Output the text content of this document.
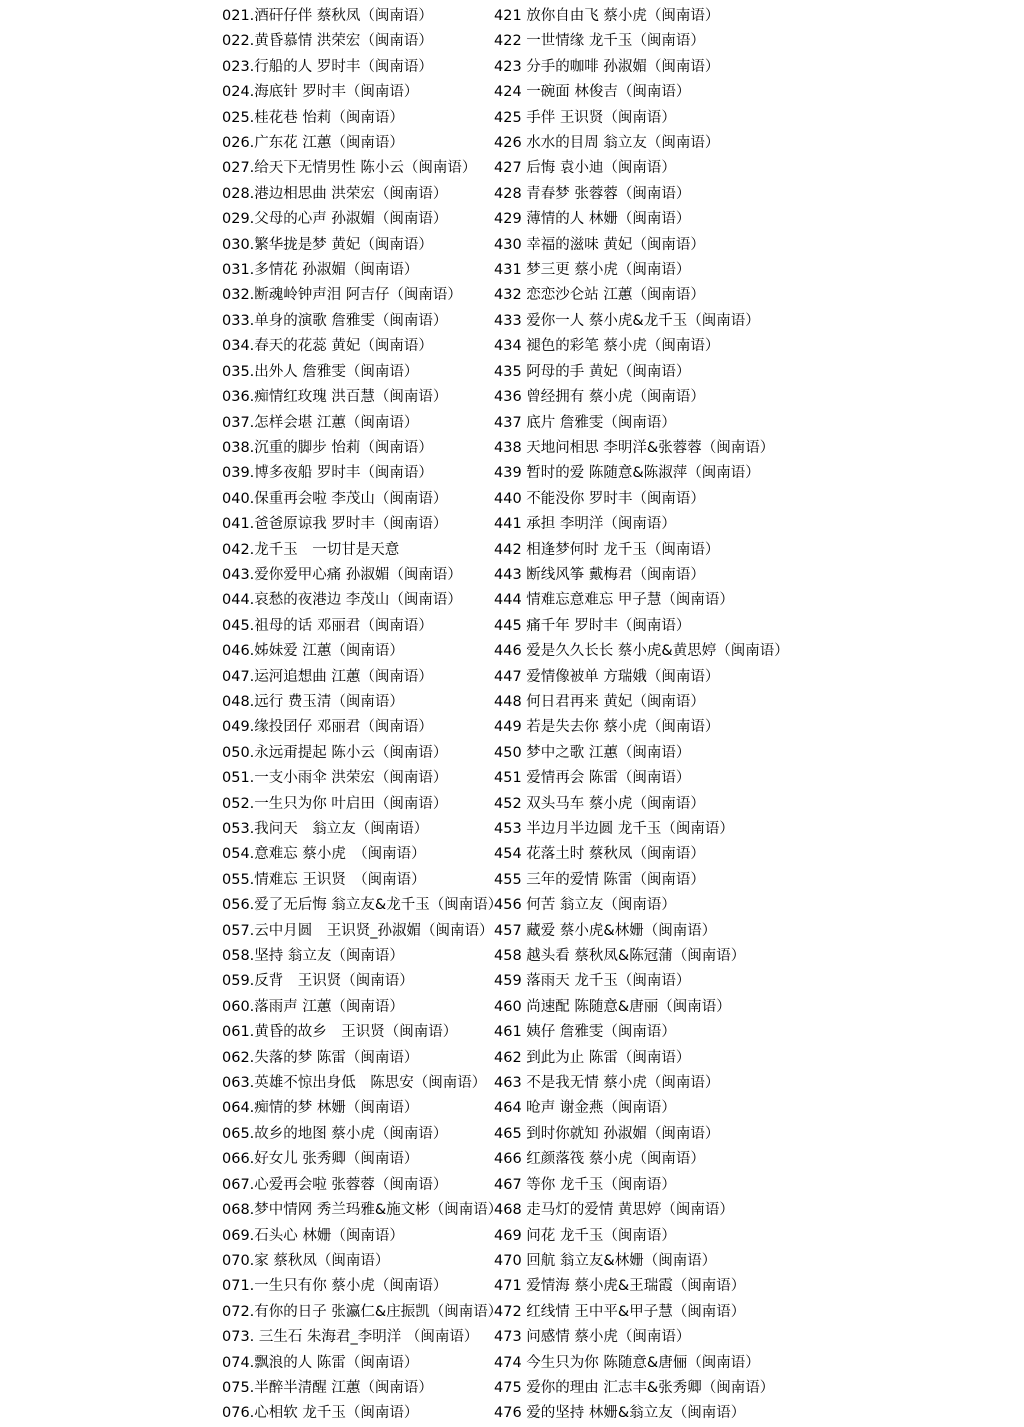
021.酒矸仔伴 蔡秋凤（闽南语）
022.黄昏慕情 洪荣宏（闽南语）
023.行船的人 罗时丰（闽南语）
024.海底针 罗时丰（闽南语）
025.桂花巷 怡莉（闽南语）
026.广东花 江蕙（闽南语）
027.给天下无情男性 陈小云（闽南语）
028.港边相思曲 洪荣宏（闽南语）
029.父母的心声 孙淑媚（闽南语）
030.繁华拢是梦 黄妃（闽南语）
031.多情花 孙淑媚（闽南语）
032.断魂岭钟声泪 阿吉仔（闽南语）
033.单身的演歌 詹雅雯（闽南语）
034.春天的花蕊 黄妃（闽南语）
035.出外人 詹雅雯（闽南语）
036.痴情红玫瑰 洪百慧（闽南语）
037.怎样会堪 江蕙（闽南语）
038.沉重的脚步 怡莉（闽南语）
039.博多夜船 罗时丰（闽南语）
040.保重再会啦 李茂山（闽南语）
041.爸爸原谅我 罗时丰（闽南语）
042.龙千玉　一切甘是天意
043.爱你爱甲心痛 孙淑媚（闽南语）
044.哀愁的夜港边 李茂山（闽南语）
045.祖母的话 邓丽君（闽南语）
046.姊妹爱 江蕙（闽南语）
047.运河追想曲 江蕙（闽南语）
048.远行 费玉清（闽南语）
049.缘投囝仔 邓丽君（闽南语）
050.永远甭提起 陈小云（闽南语）
051.一支小雨伞 洪荣宏（闽南语）
052.一生只为你 叶启田（闽南语）
053.我问天　翁立友（闽南语）
054.意难忘 蔡小虎　（闽南语）
055.情难忘 王识贤　（闽南语）
056.爱了无后悔 翁立友&龙千玉（闽南语）
057.云中月圆　王识贤_孙淑媚（闽南语）
058.坚持 翁立友（闽南语）
059.反背　王识贤（闽南语）
060.落雨声 江蕙（闽南语）
061.黄昏的故乡　王识贤（闽南语）
062.失落的梦 陈雷（闽南语）
063.英雄不惊出身低　陈思安（闽南语）
064.痴情的梦 林姗（闽南语）
065.故乡的地图 蔡小虎（闽南语）
066.好女儿 张秀卿（闽南语）
067.心爱再会啦 张蓉蓉（闽南语）
068.梦中情网 秀兰玛雅&施文彬（闽南语）
069.石头心 林姗（闽南语）
070.家 蔡秋凤（闽南语）
071.一生只有你 蔡小虎（闽南语）
072.有你的日子 张瀛仁&庄振凯（闽南语）
073. 三生石 朱海君_李明洋 （闽南语）
074.飘浪的人 陈雷（闽南语）
075.半醉半清醒 江蕙（闽南语）
076.心相软 龙千玉（闽南语）
421 放你自由飞 蔡小虎（闽南语）
422 一世情缘 龙千玉（闽南语）
423 分手的咖啡 孙淑媚（闽南语）
424 一碗面 林俊吉（闽南语）
425 手伴 王识贤（闽南语）
426 水水的目周 翁立友（闽南语）
427 后悔 袁小迪（闽南语）
428 青春梦 张蓉蓉（闽南语）
429 薄情的人 林姗（闽南语）
430 幸福的滋味 黄妃（闽南语）
431 梦三更 蔡小虎（闽南语）
432 恋恋沙仑站 江蕙（闽南语）
433 爱你一人 蔡小虎&龙千玉（闽南语）
434 褪色的彩笔 蔡小虎（闽南语）
435 阿母的手 黄妃（闽南语）
436 曾经拥有 蔡小虎（闽南语）
437 底片 詹雅雯（闽南语）
438 天地问相思 李明洋&张蓉蓉（闽南语）
439 暂时的爱 陈随意&陈淑萍（闽南语）
440 不能没你 罗时丰（闽南语）
441 承担 李明洋（闽南语）
442 相逢梦何时 龙千玉（闽南语）
443 断线风筝 戴梅君（闽南语）
444 情难忘意难忘 甲子慧（闽南语）
445 痛千年 罗时丰（闽南语）
446 爱是久久长长 蔡小虎&黄思婷（闽南语）
447 爱情像被单 方瑞娥（闽南语）
448 何日君再来 黄妃（闽南语）
449 若是失去你 蔡小虎（闽南语）
450 梦中之歌 江蕙（闽南语）
451 爱情再会 陈雷（闽南语）
452 双头马车 蔡小虎（闽南语）
453 半边月半边圆 龙千玉（闽南语）
454 花落土时 蔡秋凤（闽南语）
455 三年的爱情 陈雷（闽南语）
456 何苦 翁立友（闽南语）
457 藏爱 蔡小虎&林姗（闽南语）
458 越头看 蔡秋凤&陈冠蒲（闽南语）
459 落雨天 龙千玉（闽南语）
460 尚速配 陈随意&唐丽（闽南语）
461 姨仔 詹雅雯（闽南语）
462 到此为止 陈雷（闽南语）
463 不是我无情 蔡小虎（闽南语）
464 呛声 谢金燕（闽南语）
465 到时你就知 孙淑媚（闽南语）
466 红颜落筏 蔡小虎（闽南语）
467 等你 龙千玉（闽南语）
468 走马灯的爱情 黄思婷（闽南语）
469 问花 龙千玉（闽南语）
470 回航 翁立友&林姗（闽南语）
471 爱情海 蔡小虎&王瑞霞（闽南语）
472 红线情 王中平&甲子慧（闽南语）
473 问感情 蔡小虎（闽南语）
474 今生只为你 陈随意&唐俪（闽南语）
475 爱你的理由 汇志丰&张秀卿（闽南语）
476 爱的坚持 林姗&翁立友（闽南语）
